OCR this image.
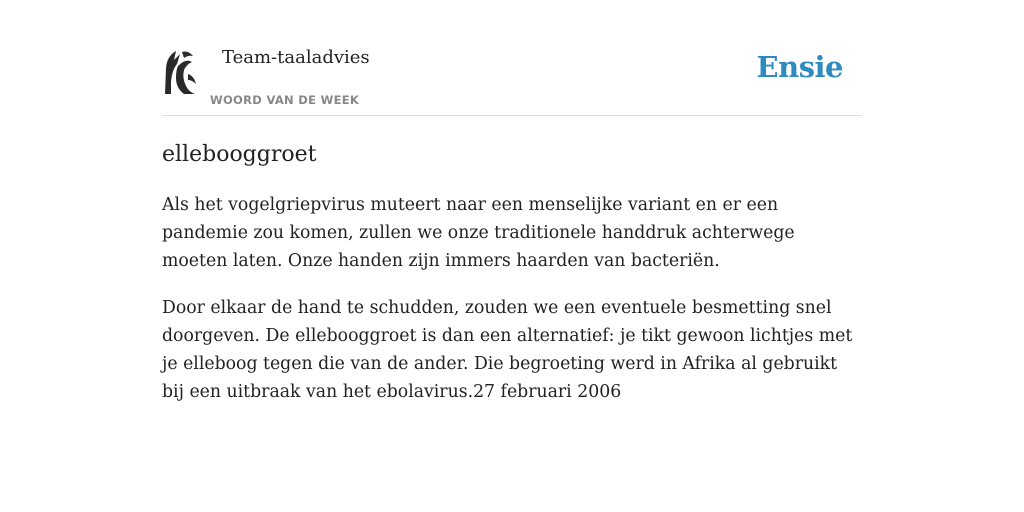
Team-taaladvies
WOORD VAN DE WEEK
Ensie
ellebooggroet

Als het vogelgriepvirus muteert naar een menselijke variant en er een pandemie zou komen, zullen we onze traditionele handdruk achterwege moeten laten. Onze handen zijn immers haarden van bacteriën.

Door elkaar de hand te schudden, zouden we een eventuele besmetting snel doorgeven. De ellebooggroet is dan een alternatief: je tikt gewoon lichtjes met je elleboog tegen die van de ander. Die begroeting werd in Afrika al gebruikt bij een uitbraak van het ebolavirus.27 februari 2006
